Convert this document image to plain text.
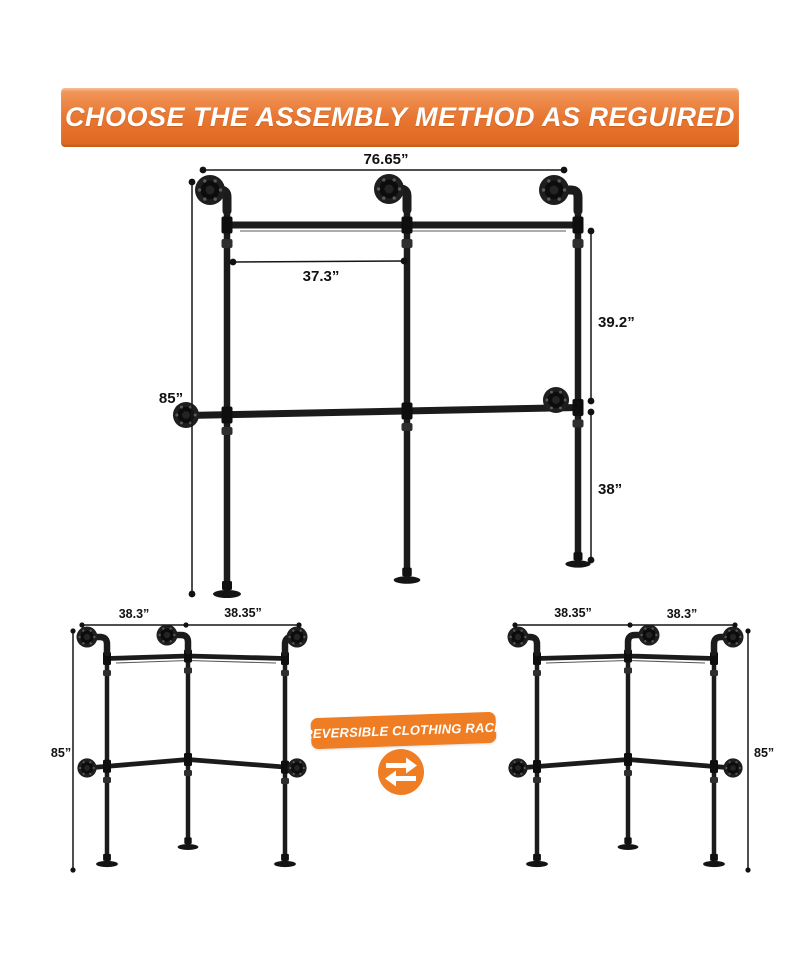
CHOOSE THE ASSEMBLY METHOD AS REGUIRED
76.65”
85”
37.3”
39.2”
38”
38.3”	38.35”
85”
38.35”	38.3”
85”
REVERSIBLE CLOTHING RACK
